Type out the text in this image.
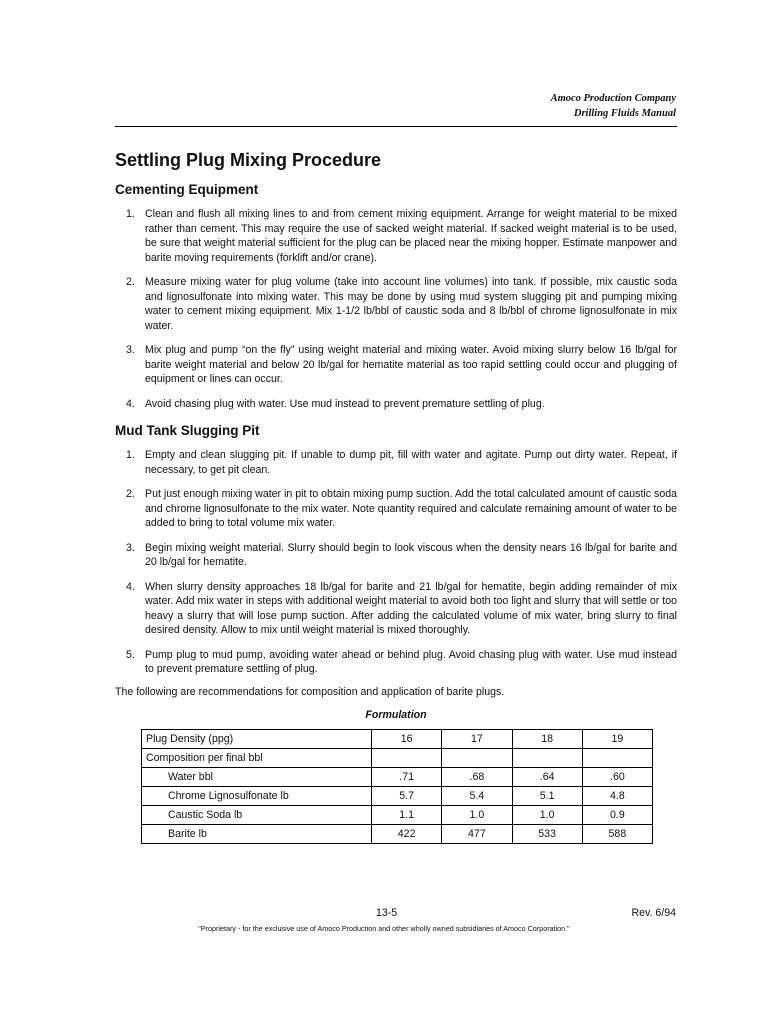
Amoco Production Company
Drilling Fluids Manual
Settling Plug Mixing Procedure
Cementing Equipment
1. Clean and flush all mixing lines to and from cement mixing equipment. Arrange for weight material to be mixed rather than cement. This may require the use of sacked weight material. If sacked weight material is to be used, be sure that weight material sufficient for the plug can be placed near the mixing hopper. Estimate manpower and barite moving requirements (forklift and/or crane).
2. Measure mixing water for plug volume (take into account line volumes) into tank. If possible, mix caustic soda and lignosulfonate into mixing water. This may be done by using mud system slugging pit and pumping mixing water to cement mixing equipment. Mix 1-1/2 lb/bbl of caustic soda and 8 lb/bbl of chrome lignosulfonate in mix water.
3. Mix plug and pump “on the fly” using weight material and mixing water. Avoid mixing slurry below 16 lb/gal for barite weight material and below 20 lb/gal for hematite material as too rapid settling could occur and plugging of equipment or lines can occur.
4. Avoid chasing plug with water. Use mud instead to prevent premature settling of plug.
Mud Tank Slugging Pit
1. Empty and clean slugging pit. If unable to dump pit, fill with water and agitate. Pump out dirty water. Repeat, if necessary, to get pit clean.
2. Put just enough mixing water in pit to obtain mixing pump suction. Add the total calculated amount of caustic soda and chrome lignosulfonate to the mix water. Note quantity required and calculate remaining amount of water to be added to bring to total volume mix water.
3. Begin mixing weight material. Slurry should begin to look viscous when the density nears 16 lb/gal for barite and 20 lb/gal for hematite.
4. When slurry density approaches 18 lb/gal for barite and 21 lb/gal for hematite, begin adding remainder of mix water. Add mix water in steps with additional weight material to avoid both too light and slurry that will settle or too heavy a slurry that will lose pump suction. After adding the calculated volume of mix water, bring slurry to final desired density. Allow to mix until weight material is mixed thoroughly.
5. Pump plug to mud pump, avoiding water ahead or behind plug. Avoid chasing plug with water. Use mud instead to prevent premature settling of plug.

The following are recommendations for composition and application of barite plugs.

Formulation
Plug Density (ppg)	16	17	18	19
Composition per final bbl				
Water bbl	.71	.68	.64	.60
Chrome Lignosulfonate lb	5.7	5.4	5.1	4.8
Caustic Soda lb	1.1	1.0	1.0	0.9
Barite lb	422	477	533	588
13-5	Rev. 6/94
"Proprietary - for the exclusive use of Amoco Production and other wholly owned subsidiaries of Amoco Corporation."
